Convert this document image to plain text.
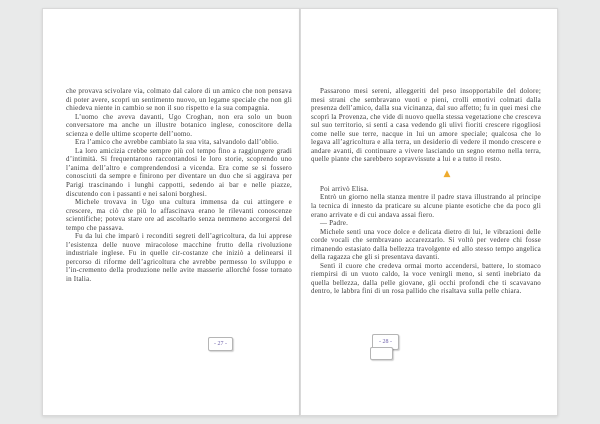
che provava scivolare via, colmato dal calore di un amico che non pensava di poter avere, scoprì un sentimento nuovo, un legame speciale che non gli chiedeva niente in cambio se non il suo rispetto e la sua compagnia.

L’uomo che aveva davanti, Ugo Croghan, non era solo un buon conversatore ma anche un illustre botanico inglese, conoscitore della scienza e delle ultime scoperte dell’uomo.

Era l’amico che avrebbe cambiato la sua vita, salvandolo dall’oblio.

La loro amicizia crebbe sempre più col tempo fino a raggiungere gradi d’intimità. Si frequentarono raccontandosi le loro storie, scoprendo uno l’anima dell’altro e comprendendosi a vicenda. Era come se si fossero conosciuti da sempre e finirono per diventare un duo che si aggirava per Parigi trascinando i lunghi cappotti, sedendo ai bar e nelle piazze, discutendo con i passanti e nei saloni borghesi.

Michele trovava in Ugo una cultura immensa da cui attingere e crescere, ma ciò che più lo affascinava erano le rilevanti conoscenze scientifiche; poteva stare ore ad ascoltarlo senza nemmeno accorgersi del tempo che passava.

Fu da lui che imparò i reconditi segreti dell’agricoltura, da lui apprese l’esistenza delle nuove miracolose macchine frutto della rivoluzione industriale inglese. Fu in quelle cir-costanze che iniziò a delinearsi il percorso di riforme dell’agricoltura che avrebbe permesso lo sviluppo e l’in-cremento della produzione nelle avite masserie allorché fosse tornato in Italia.

- 27 -

Passarono mesi sereni, alleggeriti del peso insopportabile del dolore; mesi strani che sembravano vuoti e pieni, crolli emotivi colmati dalla presenza dell’amico, dalla sua vicinanza, dal suo affetto; fu in quei mesi che scoprì la Provenza, che vide di nuovo quella stessa vegetazione che cresceva sul suo territorio, si sentì a casa vedendo gli ulivi fioriti crescere rigogliosi come nelle sue terre, nacque in lui un amore speciale; qualcosa che lo legava all’agricoltura e alla terra, un desiderio di vedere il mondo crescere e andare avanti, di continuare a vivere lasciando un segno eterno nella terra, quelle piante che sarebbero sopravvissute a lui e a tutto il resto.

▲

Poi arrivò Elisa.

Entrò un giorno nella stanza mentre il padre stava illustrando al principe la tecnica di innesto da praticare su alcune piante esotiche che da poco gli erano arrivate e di cui andava assai fiero.

— Padre.

Michele sentì una voce dolce e delicata dietro di lui, le vibrazioni delle corde vocali che sembravano accarezzarlo. Si voltò per vedere chi fosse rimanendo estasiato dalla bellezza travolgente ed allo stesso tempo angelica della ragazza che gli si presentava davanti.

Sentì il cuore che credeva ormai morto accendersi, battere, lo stomaco riempirsi di un vuoto caldo, la voce venirgli meno, si sentì inebriato da quella bellezza, dalla pelle giovane, gli occhi profondi che ti scavavano dentro, le labbra fini di un rosa pallido che risaltava sulla pelle chiara.

- 28 -
